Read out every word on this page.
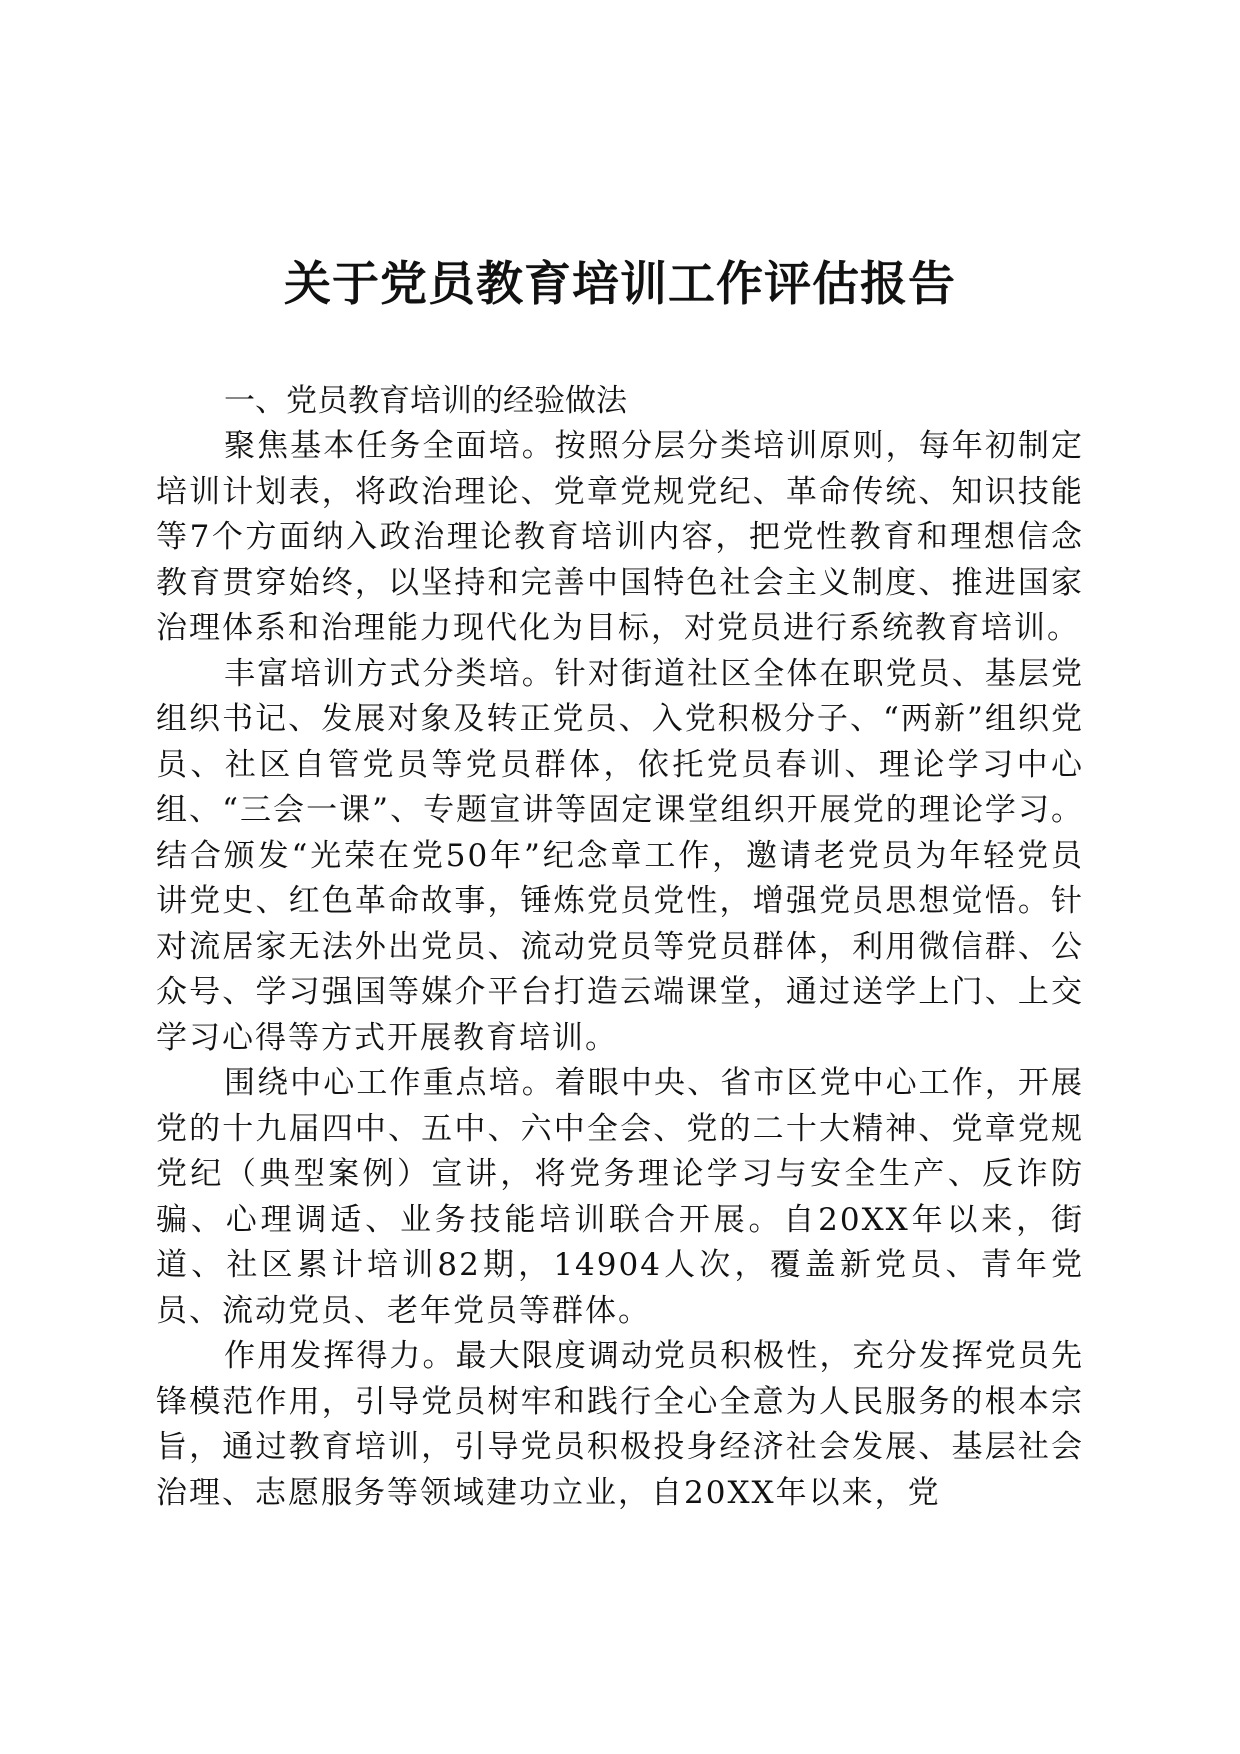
关于党员教育培训工作评估报告
一、党员教育培训的经验做法

聚焦基本任务全面培。按照分层分类培训原则，每年初制定培训计划表，将政治理论、党章党规党纪、革命传统、知识技能等7个方面纳入政治理论教育培训内容，把党性教育和理想信念教育贯穿始终，以坚持和完善中国特色社会主义制度、推进国家治理体系和治理能力现代化为目标，对党员进行系统教育培训。

丰富培训方式分类培。针对街道社区全体在职党员、基层党组织书记、发展对象及转正党员、入党积极分子、“两新”组织党员、社区自管党员等党员群体，依托党员春训、理论学习中心组、“三会一课”、专题宣讲等固定课堂组织开展党的理论学习。结合颁发“光荣在党50年”纪念章工作，邀请老党员为年轻党员讲党史、红色革命故事，锤炼党员党性，增强党员思想觉悟。针对流居家无法外出党员、流动党员等党员群体，利用微信群、公众号、学习强国等媒介平台打造云端课堂，通过送学上门、上交学习心得等方式开展教育培训。

围绕中心工作重点培。着眼中央、省市区党中心工作，开展党的十九届四中、五中、六中全会、党的二十大精神、党章党规党纪（典型案例）宣讲，将党务理论学习与安全生产、反诈防骗、心理调适、业务技能培训联合开展。自20XX年以来，街道、社区累计培训82期，14904人次，覆盖新党员、青年党员、流动党员、老年党员等群体。

作用发挥得力。最大限度调动党员积极性，充分发挥党员先锋模范作用，引导党员树牢和践行全心全意为人民服务的根本宗旨，通过教育培训，引导党员积极投身经济社会发展、基层社会治理、志愿服务等领域建功立业，自20XX年以来，党
